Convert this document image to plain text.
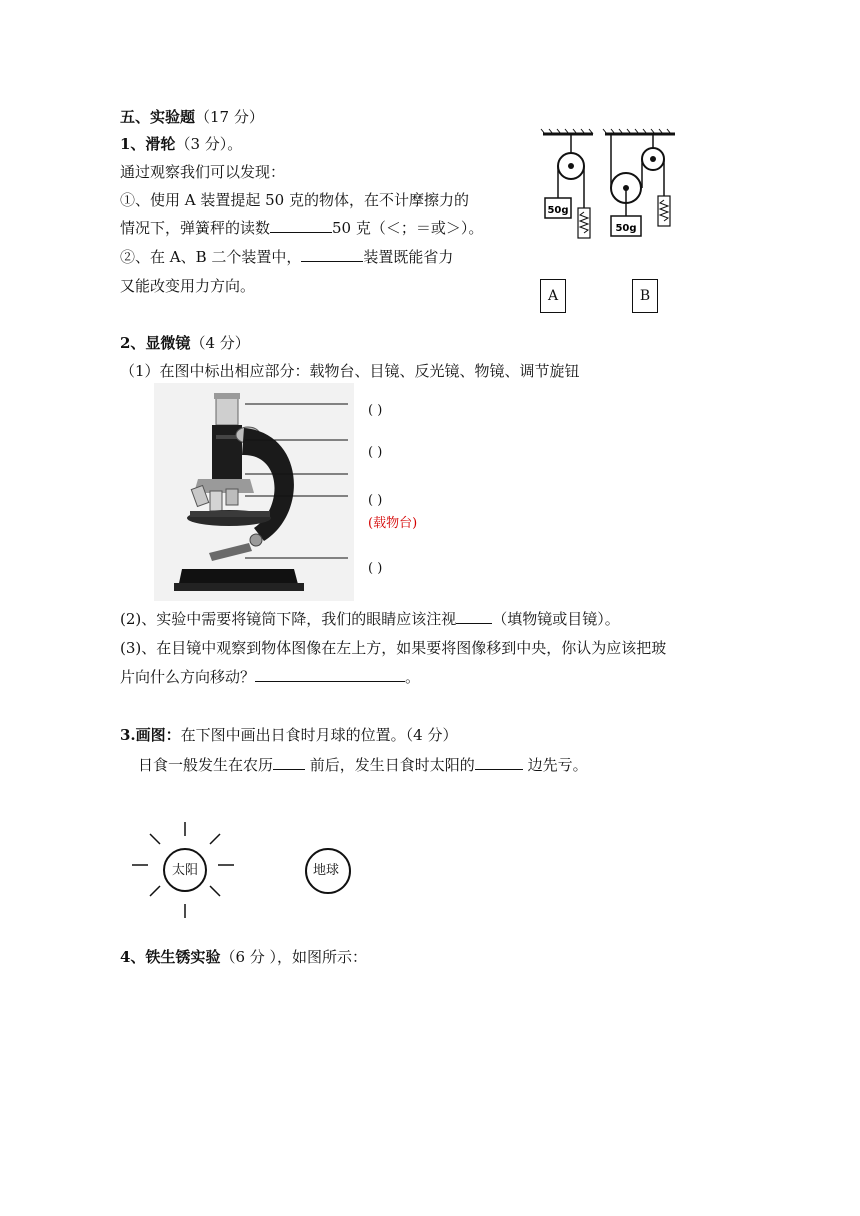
五、实验题（17 分）
1、滑轮（3 分）。
通过观察我们可以发现：
①、使用 A 装置提起 50 克的物体，在不计摩擦力的
情况下，弹簧秤的读数	50 克（＜；＝或＞）。
②、在 A、B 二个装置中，	装置既能省力
又能改变用力方向。
50g
50g
A	B
2、显微镜（4 分）
（1）在图中标出相应部分：载物台、目镜、反光镜、物镜、调节旋钮
( )
( )
( )
(载物台)
( )
(2)、实验中需要将镜筒下降，我们的眼睛应该注视 （填物镜或目镜）。
(3)、在目镜中观察到物体图像在左上方，如果要将图像移到中央，你认为应该把玻
片向什么方向移动？	。
3.画图：在下图中画出日食时月球的位置。（4 分）
日食一般发生在农历 前后，发生日食时太阳的	边先亏。
太阳	地球
4、铁生锈实验（6 分 ），如图所示：
